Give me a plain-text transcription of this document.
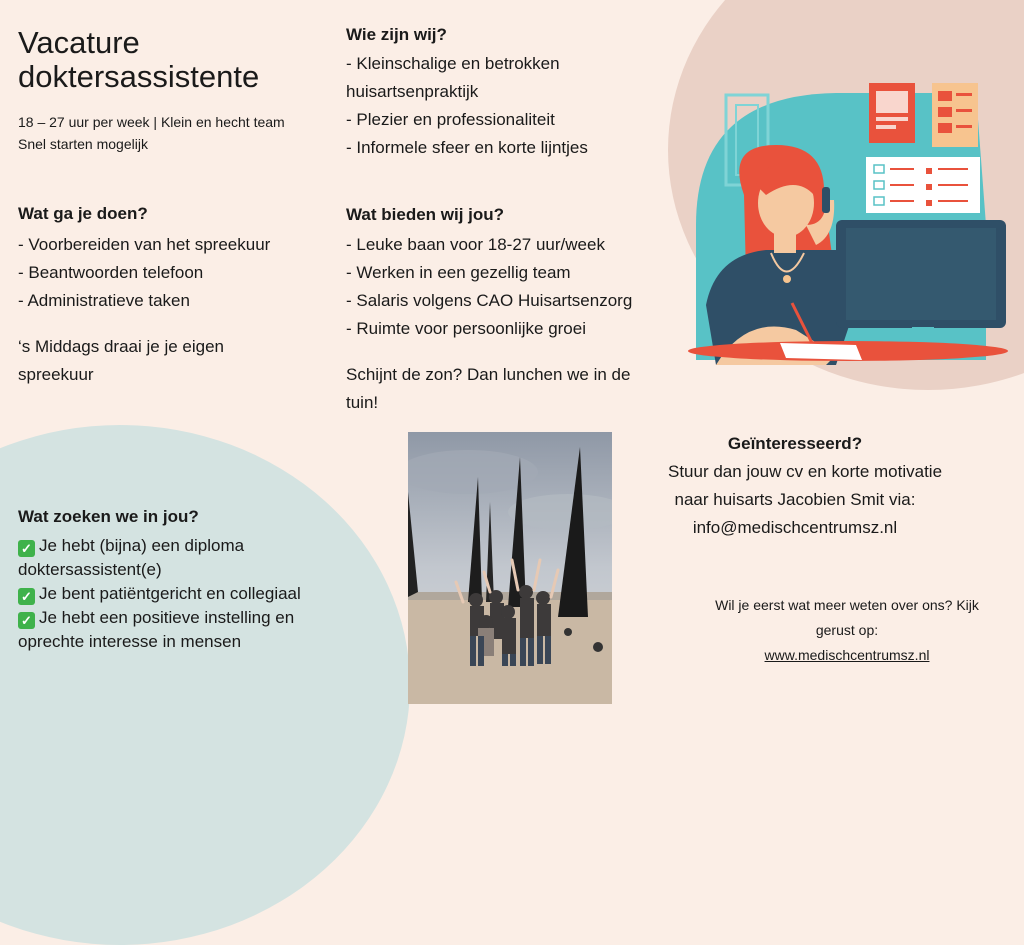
Vacature
doktersassistente
18 – 27 uur per week | Klein en hecht team
Snel starten mogelijk
Wat ga je doen?
- Voorbereiden van het spreekuur
- Beantwoorden telefoon
- Administratieve taken
‘s Middags draai je je eigen
spreekuur
Wie zijn wij?
- Kleinschalige en betrokken
huisartsenpraktijk
- Plezier en professionaliteit
- Informele sfeer en korte lijntjes
Wat bieden wij jou?
- Leuke baan voor 18-27 uur/week
- Werken in een gezellig team
- Salaris volgens CAO Huisartsenzorg
- Ruimte voor persoonlijke groei
Schijnt de zon? Dan lunchen we in de
tuin!
Geïnteresseerd?
Stuur dan jouw cv en korte motivatie
naar huisarts Jacobien Smit via:
info@medischcentrumsz.nl
Wil je eerst wat meer weten over ons? Kijk
gerust op:
www.medischcentrumsz.nl
Wat zoeken we in jou?
✓ Je hebt (bijna) een diploma doktersassistent(e)
✓ Je bent patiëntgericht en collegiaal
✓ Je hebt een positieve instelling en oprechte interesse in mensen
